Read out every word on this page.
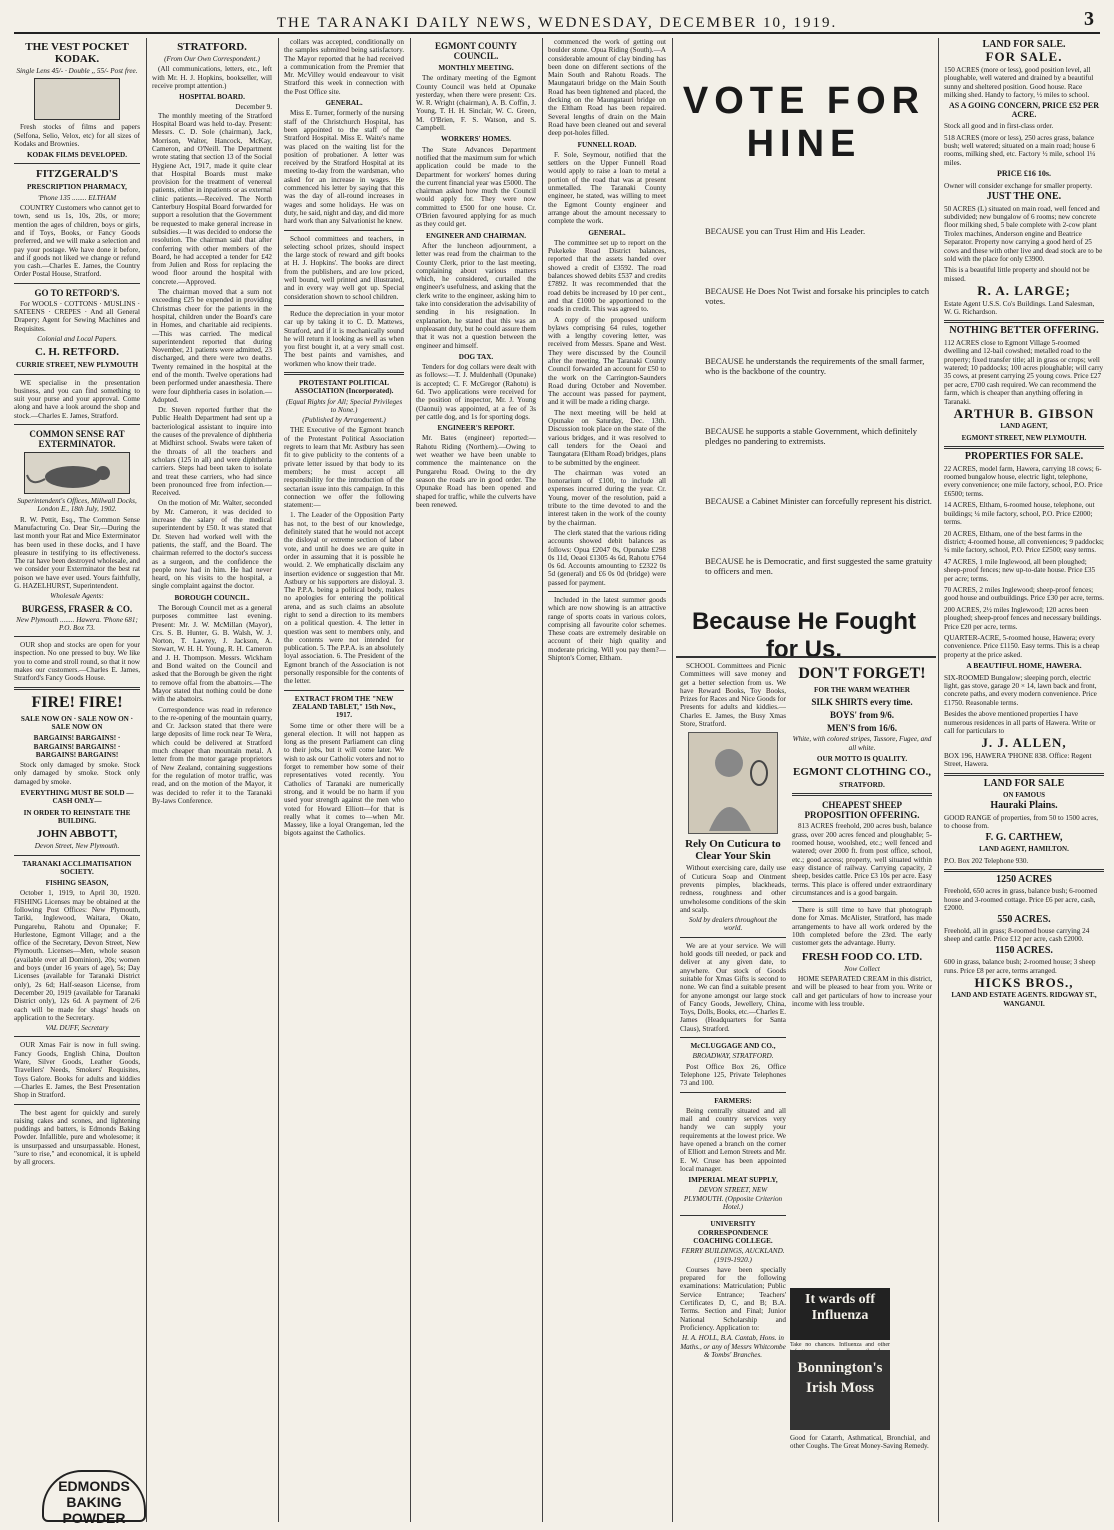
THE TARANAKI DAILY NEWS, WEDNESDAY, DECEMBER 10, 1919.	3
THE VEST POCKET KODAK.
Single Lens 45/- · Double ,, 55/- Post free.

Fresh stocks of films and papers (Selfona, Selio, Velox, etc) for all sizes of Kodaks and Brownies.

KODAK FILMS DEVELOPED.
FITZGERALD'S
PRESCRIPTION PHARMACY,
'Phone 135 ........ ELTHAM

COUNTRY Customers who cannot get to town, send us 1s, 10s, 20s, or more; mention the ages of children, boys or girls, and if Toys, Books, or Fancy Goods preferred, and we will make a selection and pay your postage. We have done it before, and if goods not liked we change or refund you cash.—Charles E. James, the Country Order Postal House, Stratford.

GO TO RETFORD'S.

For WOOLS · COTTONS · MUSLINS · SATEENS · CREPES · And all General Drapery; Agent for Sewing Machines and Requisites.

Colonial and Local Papers.
C. H. RETFORD.
CURRIE STREET, NEW PLYMOUTH

WE specialise in the presentation business, and you can find something to suit your purse and your approval. Come along and have a look around the shop and stock.—Charles E. James, Stratford.

COMMON SENSE RAT EXTERMINATOR.
Superintendent's Offices, Millwall Docks, London E., 18th July, 1902.

R. W. Pettit, Esq., The Common Sense Manufacturing Co. Dear Sir,—During the last month your Rat and Mice Exterminator has been used in these docks, and I have pleasure in testifying to its effectiveness. The rat have been destroyed wholesale, and we consider your Exterminator the best rat poison we have ever used. Yours faithfully, G. HAZELHURST, Superintendent.

Wholesale Agents:
BURGESS, FRASER & CO.
New Plymouth ........ Hawera. 'Phone 681; P.O. Box 73.

OUR shop and stocks are open for your inspection. No one pressed to buy. We like you to come and stroll round, so that it now makes our customers.—Charles E. James, Stratford's Fancy Goods House.

FIRE! FIRE!
SALE NOW ON · SALE NOW ON · SALE NOW ON
BARGAINS! BARGAINS! · BARGAINS! BARGAINS! · BARGAINS! BARGAINS!

Stock only damaged by smoke. Stock only damaged by smoke. Stock only damaged by smoke.

EVERYTHING MUST BE SOLD —CASH ONLY—
IN ORDER TO REINSTATE THE BUILDING.
JOHN ABBOTT,
Devon Street, New Plymouth.
TARANAKI ACCLIMATISATION SOCIETY.
FISHING SEASON,

October 1, 1919, to April 30, 1920. FISHING Licenses may be obtained at the following Post Offices: New Plymouth, Tariki, Inglewood, Waitara, Okato, Pungarehu, Rahotu and Opunake; F. Hurlestone, Egmont Village; and a the office of the Secretary, Devon Street, New Plymouth. Licenses—Men, whole season (available over all Dominion), 20s; women and boys (under 16 years of age), 5s; Day Licenses (available for Taranaki District only), 2s 6d; Half-season License, from December 20, 1919 (available for Taranaki District only), 12s 6d. A payment of 2/6 each will be made for shags' heads on application to the Secretary.

VAL DUFF, Secretary

OUR Xmas Fair is now in full swing. Fancy Goods, English China, Doulton Ware, Silver Goods, Leather Goods, Travellers' Needs, Smokers' Requisites, Toys Galore. Books for adults and kiddies—Charles E. James, the Best Presentation Shop in Stratford.

The best agent for quickly and surely raising cakes and scones, and lightening puddings and batters, is Edmonds Baking Powder. Infallible, pure and wholesome; it is unsurpassed and unsurpassable. Honest, "sure to rise," and economical, it is upheld by all grocers.

EDMONDS BAKING POWDER
STRATFORD.
(From Our Own Correspondent.)

(All communications, letters, etc., left with Mr. H. J. Hopkins, bookseller, will receive prompt attention.)

HOSPITAL BOARD.
December 9.

The monthly meeting of the Stratford Hospital Board was held to-day. Present: Messrs. C. D. Sole (chairman), Jack, Morrison, Walter, Hancock, McKay, Cameron, and O'Neill. The Department wrote stating that section 13 of the Social Hygiene Act, 1917, made it quite clear that Hospital Boards must make provision for the treatment of venereal patients, either in inpatients or as external clinic patients.—Received. The North Canterbury Hospital Board forwarded for support a resolution that the Government be requested to make general increase in subsidies.—It was decided to endorse the resolution. The chairman said that after conferring with other members of the Board, he had accepted a tender for £42 from Julien and Ross for replacing the wood floor around the hospital with concrete.—Approved.

The chairman moved that a sum not exceeding £25 be expended in providing Christmas cheer for the patients in the hospital, children under the Board's care in Homes, and charitable aid recipients.—This was carried. The medical superintendent reported that during November, 21 patients were admitted, 23 discharged, and there were two deaths. Twenty remained in the hospital at the end of the month. Twelve operations had been performed under anaesthesia. There were four diphtheria cases in isolation.—Adopted.

Dr. Steven reported further that the Public Health Department had sent up a bacteriological assistant to inquire into the causes of the prevalence of diphtheria at Midhirst school. Swabs were taken of the throats of all the teachers and scholars (125 in all) and were diphtheria carriers. Steps had been taken to isolate and treat these carriers, who had since been pronounced free from infection.—Received.

On the motion of Mr. Walter, seconded by Mr. Cameron, it was decided to increase the salary of the medical superintendent by £50. It was stated that Dr. Steven had worked well with the patients, the staff, and the Board. The chairman referred to the doctor's success as a surgeon, and the confidence the people now had in him. He had never heard, on his visits to the hospital, a single complaint against the doctor.

BOROUGH COUNCIL.

The Borough Council met as a general purposes committee last evening. Present: Mr. J. W. McMillan (Mayor), Crs. S. B. Hunter, G. B. Walsh, W. J. Norton, T. Lawrey, J. Jackson, A. Stewart, W. H. H. Young, R. H. Cameron and J. H. Thompson. Messrs. Wickham and Bond waited on the Council and asked that the Borough be given the right to remove offal from the abattoirs.—The Mayor stated that nothing could be done with the abattoirs.

Correspondence was read in reference to the re-opening of the mountain quarry, and Cr. Jackson stated that there were large deposits of lime rock near Te Wera, which could be delivered at Stratford much cheaper than mountain metal. A letter from the motor garage proprietors of New Zealand, containing suggestions for the regulation of motor traffic, was read, and on the motion of the Mayor, it was decided to refer it to the Taranaki By-laws Conference.

collars was accepted, conditionally on the samples submitted being satisfactory. The Mayor reported that he had received a communication from the Premier that Mr. McVilley would endeavour to visit Stratford this week in connection with the Post Office site.

GENERAL.

Miss E. Turner, formerly of the nursing staff of the Christchurch Hospital, has been appointed to the staff of the Stratford Hospital. Miss E. Waite's name was placed on the waiting list for the position of probationer. A letter was received by the Stratford Hospital at its meeting to-day from the wardsman, who asked for an increase in wages. He commenced his letter by saying that this was the day of all-round increases in wages and some holidays. He was on duty, he said, night and day, and did more hard work than any Salvationist he knew.

School committees and teachers, in selecting school prizes, should inspect the large stock of reward and gift books at H. J. Hopkins'. The books are direct from the publishers, and are low priced, well bound, well printed and illustrated, and in every way well got up. Special consideration shown to school children.

Reduce the depreciation in your motor car up by taking it to C. D. Mattews, Stratford, and if it is mechanically sound he will return it looking as well as when you first bought it, at a very small cost. The best paints and varnishes, and workmen who know their trade.

PROTESTANT POLITICAL ASSOCIATION (Incorporated).
(Equal Rights for All; Special Privileges to None.)
(Published by Arrangement.)

THE Executive of the Egmont branch of the Protestant Political Association regrets to learn that Mr. Astbury has seen fit to give publicity to the contents of a private letter issued by that body to its members; he must accept all responsibility for the introduction of the sectarian issue into this campaign. In this connection we offer the following statement:—

1. The Leader of the Opposition Party has not, to the best of our knowledge, definitely stated that he would not accept the disloyal or extreme section of labor vote, and until he does we are quite in order in assuming that it is possible he would. 2. We emphatically disclaim any insertion evidence or suggestion that Mr. Astbury or his supporters are disloyal. 3. The P.P.A. being a political body, makes no apologies for entering the political arena, and as such claims an absolute right to send a direction to its members on a political question. 4. The letter in question was sent to members only, and the contents were not intended for publication. 5. The P.P.A. is an absolutely loyal association. 6. The President of the Egmont branch of the Association is not personally responsible for the contents of the letter.

EXTRACT FROM THE "NEW ZEALAND TABLET," 15th Nov., 1917.

Some time or other there will be a general election. It will not happen as long as the present Parliament can cling to their jobs, but it will come later. We wish to ask our Catholic voters and not to forget to remember how some of their representatives voted recently. You Catholics of Taranaki are numerically strong, and it would be no harm if you used your strength against the men who voted for Howard Elliott—for that is really what it comes to—when Mr. Massey, like a loyal Orangeman, led the bigots against the Catholics.

EGMONT COUNTY COUNCIL.
MONTHLY MEETING.

The ordinary meeting of the Egmont County Council was held at Opunake yesterday, when there were present: Crs. W. R. Wright (chairman), A. B. Coffin, J. Young, T. H. H. Sinclair, W. C. Green, M. O'Brien, F. S. Watson, and S. Campbell.

WORKERS' HOMES.

The State Advances Department notified that the maximum sum for which application could be made to the Department for workers' homes during the current financial year was £5000. The chairman asked how much the Council would apply for. They were now committed to £500 for one house. Cr. O'Brien favoured applying for as much as they could get.

ENGINEER AND CHAIRMAN.

After the luncheon adjournment, a letter was read from the chairman to the County Clerk, prior to the last meeting, complaining about various matters which, he considered, curtailed the engineer's usefulness, and asking that the clerk write to the engineer, asking him to take into consideration the advisability of sending in his resignation. In explanation, he stated that this was an unpleasant duty, but he could assure them that it was not a question between the engineer and himself.

DOG TAX.

Tenders for dog collars were dealt with as follows:—T. J. Muldenhall (Opunake) is accepted; C. F. McGregor (Rahotu) is 6d. Two applications were received for the position of inspector, Mr. J. Young (Oaonui) was appointed, at a fee of 3s per cattle dog, and 1s for sporting dogs.

ENGINEER'S REPORT.

Mr. Bates (engineer) reported:—Rahotu Riding (Northern).—Owing to wet weather we have been unable to commence the maintenance on the Pungarehu Road. Owing to the dry season the roads are in good order. The Opunake Road has been opened and shaped for traffic, while the culverts have been renewed.

commenced the work of getting out boulder stone. Opua Riding (South).—A considerable amount of clay binding has been done on different sections of the Main South and Rahotu Roads. The Maungatauri bridge on the Main South Road has been tightened and placed, the decking on the Maungatauri bridge on the Eltham Road has been repaired. Several lengths of drain on the Main Road have been cleaned out and several deep pot-holes filled.

FUNNELL ROAD.

F. Sole, Seymour, notified that the settlers on the Upper Funnell Road would apply to raise a loan to metal a portion of the road that was at present unmetalled. The Taranaki County engineer, he stated, was willing to meet the Egmont County engineer and arrange about the amount necessary to complete the work.

GENERAL.

The committee set up to report on the Pukekeke Road District balances, reported that the assets handed over showed a credit of £3592. The road balances showed debits £537 and credits £7892. It was recommended that the road debits be increased by 10 per cent., and that £1000 be apportioned to the roads in credit. This was agreed to.

A copy of the proposed uniform bylaws comprising 64 rules, together with a lengthy covering letter, was received from Messrs. Spane and West. They were discussed by the Council after the meeting. The Taranaki County Council forwarded an account for £50 to the work on the Carrington-Saunders Road during October and November. The account was passed for payment, and it will be made a riding charge.

The next meeting will be held at Opunake on Saturday, Dec. 13th. Discussion took place on the state of the various bridges, and it was resolved to call tenders for the Oeaoi and Taungatara (Eltham Road) bridges, plans to be submitted by the engineer.

The chairman was voted an honorarium of £100, to include all expenses incurred during the year. Cr. Young, mover of the resolution, paid a tribute to the time devoted to and the interest taken in the work of the county by the chairman.

The clerk stated that the various riding accounts showed debit balances as follows: Opua £2047 0s, Opunake £298 0s 11d, Oeaoi £1305 4s 6d, Rahotu £764 0s 6d. Accounts amounting to £2322 0s 5d (general) and £6 0s 0d (bridge) were passed for payment.

Included in the latest summer goods which are now showing is an attractive range of sports coats in various colors, comprising all favourite color schemes. These coats are extremely desirable on account of their high quality and moderate pricing. Will you pay them?—Shipton's Corner, Eltham.

VOTE FOR HINE
BECAUSE you can Trust Him and His Leader.
BECAUSE He Does Not Twist and forsake his principles to catch votes.
BECAUSE he understands the requirements of the small farmer, who is the backbone of the country.
BECAUSE he supports a stable Government, which definitely pledges no pandering to extremists.
BECAUSE a Cabinet Minister can forcefully represent his district.
BECAUSE he is Democratic, and first suggested the same gratuity to officers and men.
Because He Fought for Us.

SCHOOL Committees and Picnic Committees will save money and get a better selection from us. We have Reward Books, Toy Books, Prizes for Races and Nice Goods for Presents for adults and kiddies.—Charles E. James, the Busy Xmas Store, Stratford.

Rely On Cuticura to Clear Your Skin

Without exercising care, daily use of Cuticura Soap and Ointment prevents pimples, blackheads, redness, roughness and other unwholesome conditions of the skin and scalp.

Sold by dealers throughout the world.

We are at your service. We will hold goods till needed, or pack and deliver at any given date, to anywhere. Our stock of Goods suitable for Xmas Gifts is second to none. We can find a suitable present for anyone amongst our large stock of Fancy Goods, Jewellery, China, Toys, Dolls, Books, etc.—Charles E. James (Headquarters for Santa Claus), Stratford.

McCLUGGAGE AND CO.,
BROADWAY, STRATFORD.

Post Office Box 26, Office Telephone 125, Private Telephones 73 and 100.

FARMERS:

Being centrally situated and all mail and country services very handy we can supply your requirements at the lowest price. We have opened a branch on the corner of Elliott and Lemon Streets and Mr. E. W. Cruse has been appointed local manager.

IMPERIAL MEAT SUPPLY,
DEVON STREET, NEW PLYMOUTH. (Opposite Criterion Hotel.)
UNIVERSITY CORRESPONDENCE COACHING COLLEGE.
FERRY BUILDINGS, AUCKLAND. (1919-1920.)

Courses have been specially prepared for the following examinations: Matriculation; Public Service Entrance; Teachers' Certificates D, C, and B; B.A. Terms. Section and Final; Junior National Scholarship and Proficiency. Application to:

H. A. HOLL, B.A. Cantab, Hons. in Maths., or any of Messrs Whitcombe & Tombs' Branches.
DON'T FORGET!
FOR THE WARM WEATHER
SILK SHIRTS every time.
BOYS' from 9/6.
MEN'S from 16/6.
White, with colored stripes, Tussore, Fugee, and all white.
OUR MOTTO IS QUALITY.
EGMONT CLOTHING CO.,
STRATFORD.
CHEAPEST SHEEP PROPOSITION OFFERING.

813 ACRES freehold, 200 acres bush, balance grass, over 200 acres fenced and ploughable; 5-roomed house, woolshed, etc.; well fenced and watered; over 2000 ft. from post office, school, etc.; good access; property, well situated within easy distance of railway. Carrying capacity, 2 sheep, besides cattle. Price £3 10s per acre. Easy terms. This place is offered under extraordinary circumstances and is a good bargain.

There is still time to have that photograph done for Xmas. McAlister, Stratford, has made arrangements to have all work ordered by the 10th completed before the 23rd. The early customer gets the advantage. Hurry.

FRESH FOOD CO. LTD.
Now Collect

HOME SEPARATED CREAM in this district, and will be pleased to hear from you. Write or call and get particulars of how to increase your income with less trouble.

It wards off Influenza
Take no chances. Influenza and other
Bonnington's Irish Moss
Good for Catarrh, Asthmatical, Bronchial, and other Coughs. The Great Money-Saving Remedy.
LAND FOR SALE.
FOR SALE.

150 ACRES (more or less), good position level, all ploughable, well watered and drained by a beautiful sunny and sheltered position. Good house. Race milking shed. Handy to factory, ½ miles to school.

AS A GOING CONCERN, PRICE £52 PER ACRE.

Stock all good and in first-class order.

518 ACRES (more or less), 250 acres grass, balance bush; well watered; situated on a main road; house 6 rooms, milking shed, etc. Factory ½ mile, school 1¼ miles.

PRICE £16 10s.

Owner will consider exchange for smaller property.

JUST THE ONE.

50 ACRES (L) situated on main road, well fenced and subdivided; new bungalow of 6 rooms; new concrete floor milking shed, 5 bale complete with 2-cow plant Trolex machines, Anderson engine and Beatrice Separator. Property now carrying a good herd of 25 cows and these with other live and dead stock are to be sold with the place for only £3900.

This is a beautiful little property and should not be missed.

R. A. LARGE;

Estate Agent U.S.S. Co's Buildings. Land Salesman, W. G. Richardson.

NOTHING BETTER OFFERING.

112 ACRES close to Egmont Village 5-roomed dwelling and 12-bail cowshed; metalled road to the property; fixed transfer title; all in grass or crops; well watered; 10 paddocks; 100 acres ploughable; will carry 35 cows, at present carrying 25 young cows. Price £27 per acre, £700 cash required. We can recommend the farm, which is cheaper than anything offering in Taranaki.

ARTHUR B. GIBSON
LAND AGENT,
EGMONT STREET, NEW PLYMOUTH.
PROPERTIES FOR SALE.

22 ACRES, model farm, Hawera, carrying 18 cows; 6-roomed bungalow house, electric light, telephone, every convenience; one mile factory, school, P.O. Price £6500; terms.

14 ACRES, Eltham, 6-roomed house, telephone, out buildings; ¼ mile factory, school, P.O. Price £2000; terms.

20 ACRES, Eltham, one of the best farms in the district; 4-roomed house, all conveniences; 9 paddocks; ¼ mile factory, school, P.O. Price £2500; easy terms.

47 ACRES, 1 mile Inglewood, all been ploughed; sheep-proof fences; new up-to-date house. Price £35 per acre; terms.

70 ACRES, 2 miles Inglewood; sheep-proof fences; good house and outbuildings. Price £30 per acre, terms.

200 ACRES, 2½ miles Inglewood; 120 acres been ploughed; sheep-proof fences and necessary buildings. Price £20 per acre, terms.

QUARTER-ACRE, 5-roomed house, Hawera; every convenience. Price £1150. Easy terms. This is a cheap property at the price asked.

A BEAUTIFUL HOME, HAWERA.

SIX-ROOMED Bungalow; sleeping porch, electric light, gas stove, garage 20 × 14, lawn back and front, concrete paths, and every modern convenience. Price £1750. Reasonable terms.

Besides the above mentioned properties I have numerous residences in all parts of Hawera. Write or call for particulars to

J. J. ALLEN,

BOX 196, HAWERA 'PHONE 838. Office: Regent Street, Hawera.

LAND FOR SALE
ON FAMOUS
Hauraki Plains.

GOOD RANGE of properties, from 50 to 1500 acres, to choose from.

F. G. CARTHEW,
LAND AGENT, HAMILTON.

P.O. Box 202 Telephone 930.

1250 ACRES

Freehold, 650 acres in grass, balance bush; 6-roomed house and 3-roomed cottage. Price £6 per acre, cash, £2000.

550 ACRES.

Freehold, all in grass; 8-roomed house carrying 24 sheep and cattle. Price £12 per acre, cash £2000.

1150 ACRES.

600 in grass, balance bush; 2-roomed house; 3 sheep runs. Price £8 per acre, terms arranged.

HICKS BROS.,
LAND AND ESTATE AGENTS. RIDGWAY ST., WANGANUI.
